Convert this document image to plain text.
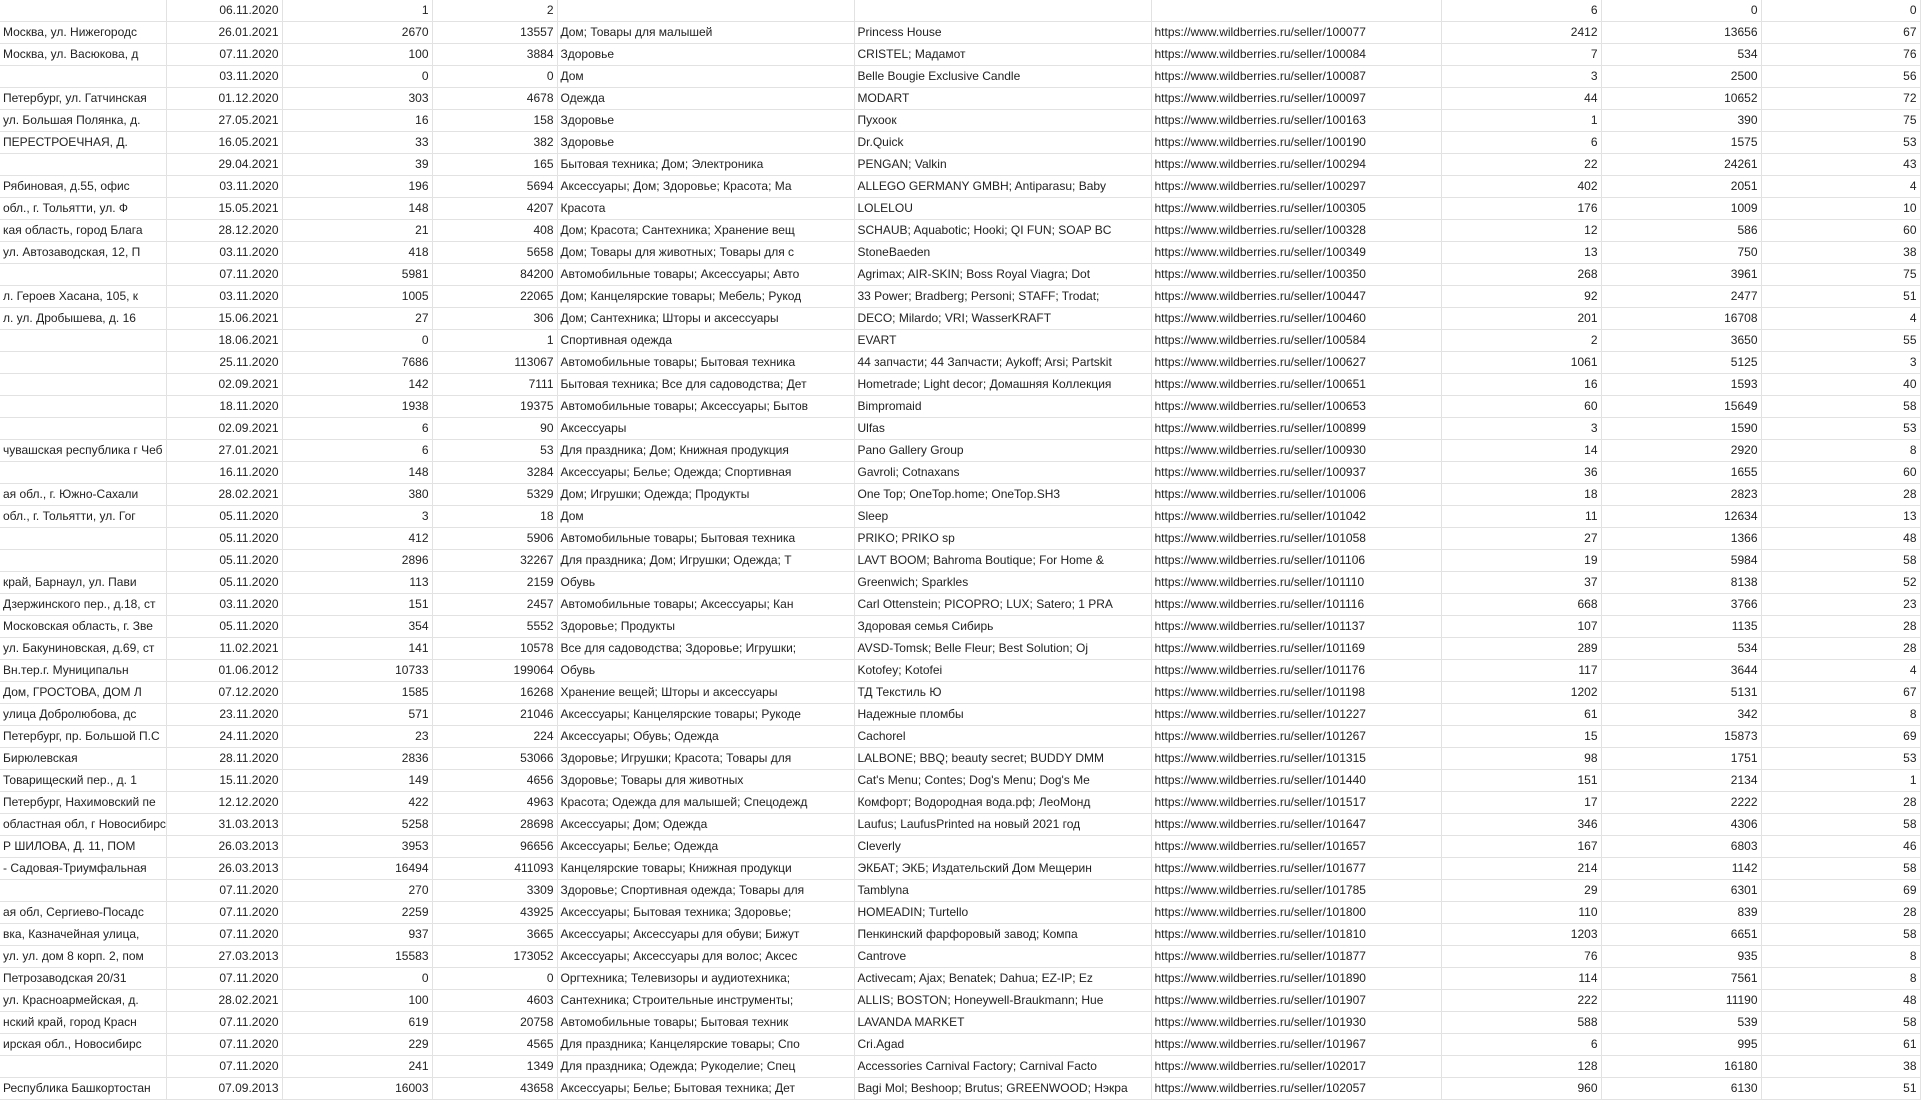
	06.11.2020	1	2				6	0	0
Москва, ул. Нижегородс	26.01.2021	2670	13557	Дом; Товары для малышей	Princess House	https://www.wildberries.ru/seller/100077	2412	13656	67
Москва, ул. Васюкова, д	07.11.2020	100	3884	Здоровье	CRISTEL; Мадамот	https://www.wildberries.ru/seller/100084	7	534	76
	03.11.2020	0	0	Дом	Belle Bougie Exclusive Candle	https://www.wildberries.ru/seller/100087	3	2500	56
Петербург, ул. Гатчинская	01.12.2020	303	4678	Одежда	MODART	https://www.wildberries.ru/seller/100097	44	10652	72
ул. Большая Полянка, д.	27.05.2021	16	158	Здоровье	Пухоок	https://www.wildberries.ru/seller/100163	1	390	75
ПЕРЕСТРОЕЧНАЯ, Д.	16.05.2021	33	382	Здоровье	Dr.Quick	https://www.wildberries.ru/seller/100190	6	1575	53
	29.04.2021	39	165	Бытовая техника; Дом; Электроника	PENGAN; Valkin	https://www.wildberries.ru/seller/100294	22	24261	43
Рябиновая, д.55, офис	03.11.2020	196	5694	Аксессуары; Дом; Здоровье; Красота; Ма	ALLEGO GERMANY GMBH; Antiparasu; Baby	https://www.wildberries.ru/seller/100297	402	2051	4
обл., г. Тольятти, ул. Ф	15.05.2021	148	4207	Красота	LOLELOU	https://www.wildberries.ru/seller/100305	176	1009	10
кая область, город Блага	28.12.2020	21	408	Дом; Красота; Сантехника; Хранение вещ	SCHAUB; Aquabotic; Hooki; QI FUN; SOAP BC	https://www.wildberries.ru/seller/100328	12	586	60
ул. Автозаводская, 12, П	03.11.2020	418	5658	Дом; Товары для животных; Товары для с	StoneBaeden	https://www.wildberries.ru/seller/100349	13	750	38
	07.11.2020	5981	84200	Автомобильные товары; Аксессуары; Авто	Agrimax; AIR-SKIN; Boss Royal Viagra; Dot	https://www.wildberries.ru/seller/100350	268	3961	75
л. Героев Хасана, 105, к	03.11.2020	1005	22065	Дом; Канцелярские товары; Мебель; Рукод	33 Power; Bradberg; Personi; STAFF; Trodat;	https://www.wildberries.ru/seller/100447	92	2477	51
л. ул. Дробышева, д. 16	15.06.2021	27	306	Дом; Сантехника; Шторы и аксессуары	DECO; Milardo; VRI; WasserKRAFT	https://www.wildberries.ru/seller/100460	201	16708	4
	18.06.2021	0	1	Спортивная одежда	EVART	https://www.wildberries.ru/seller/100584	2	3650	55
	25.11.2020	7686	113067	Автомобильные товары; Бытовая техника	44 запчасти; 44 Запчасти; Aykoff; Arsi; Partskit	https://www.wildberries.ru/seller/100627	1061	5125	3
	02.09.2021	142	7111	Бытовая техника; Все для садоводства; Дет	Hometrade; Light decor; Домашняя Коллекция	https://www.wildberries.ru/seller/100651	16	1593	40
	18.11.2020	1938	19375	Автомобильные товары; Аксессуары; Бытов	Bimpromaid	https://www.wildberries.ru/seller/100653	60	15649	58
	02.09.2021	6	90	Аксессуары	Ulfas	https://www.wildberries.ru/seller/100899	3	1590	53
чувашская республика г Чеб	27.01.2021	6	53	Для праздника; Дом; Книжная продукция	Pano Gallery Group	https://www.wildberries.ru/seller/100930	14	2920	8
	16.11.2020	148	3284	Аксессуары; Белье; Одежда; Спортивная	Gavroli; Cotnaxans	https://www.wildberries.ru/seller/100937	36	1655	60
ая обл., г. Южно-Сахали	28.02.2021	380	5329	Дом; Игрушки; Одежда; Продукты	One Top; OneTop.home; OneTop.SH3	https://www.wildberries.ru/seller/101006	18	2823	28
обл., г. Тольятти, ул. Гог	05.11.2020	3	18	Дом	Sleep	https://www.wildberries.ru/seller/101042	11	12634	13
	05.11.2020	412	5906	Автомобильные товары; Бытовая техника	PRIKO; PRIKO sp	https://www.wildberries.ru/seller/101058	27	1366	48
	05.11.2020	2896	32267	Для праздника; Дом; Игрушки; Одежда; Т	LAVT BOOM; Bahroma Boutique; For Home &	https://www.wildberries.ru/seller/101106	19	5984	58
край, Барнаул, ул. Пави	05.11.2020	113	2159	Обувь	Greenwich; Sparkles	https://www.wildberries.ru/seller/101110	37	8138	52
Дзержинского пер., д.18, ст	03.11.2020	151	2457	Автомобильные товары; Аксессуары; Кан	Carl Ottenstein; PICOPRO; LUX; Satero; 1 PRA	https://www.wildberries.ru/seller/101116	668	3766	23
Московская область, г. Зве	05.11.2020	354	5552	Здоровье; Продукты	Здоровая семья Сибирь	https://www.wildberries.ru/seller/101137	107	1135	28
ул. Бакуниновская, д.69, ст	11.02.2021	141	10578	Все для садоводства; Здоровье; Игрушки;	AVSD-Tomsk; Belle Fleur; Best Solution; Oj	https://www.wildberries.ru/seller/101169	289	534	28
Вн.тер.г. Муниципальн	01.06.2012	10733	199064	Обувь	Kotofey; Kotofei	https://www.wildberries.ru/seller/101176	117	3644	4
Дом, ГРОСТОВА, ДОМ Л	07.12.2020	1585	16268	Хранение вещей; Шторы и аксессуары	ТД Текстиль Ю	https://www.wildberries.ru/seller/101198	1202	5131	67
улица Добролюбова, дс	23.11.2020	571	21046	Аксессуары; Канцелярские товары; Рукоде	Надежные пломбы	https://www.wildberries.ru/seller/101227	61	342	8
Петербург, пр. Большой П.С	24.11.2020	23	224	Аксессуары; Обувь; Одежда	Cachorel	https://www.wildberries.ru/seller/101267	15	15873	69
Бирюлевская	28.11.2020	2836	53066	Здоровье; Игрушки; Красота; Товары для	LALBONE; BBQ; beauty secret; BUDDY DMM	https://www.wildberries.ru/seller/101315	98	1751	53
Товарищеский пер., д. 1	15.11.2020	149	4656	Здоровье; Товары для животных	Cat's Menu; Contes; Dog's Menu; Dog's Me	https://www.wildberries.ru/seller/101440	151	2134	1
Петербург, Нахимовский пе	12.12.2020	422	4963	Красота; Одежда для малышей; Спецодежд	Комфорт; Водородная вода.рф; ЛеоМонд	https://www.wildberries.ru/seller/101517	17	2222	28
областная обл, г Новосибирс	31.03.2013	5258	28698	Аксессуары; Дом; Одежда	Laufus; LaufusPrinted на новый 2021 год	https://www.wildberries.ru/seller/101647	346	4306	58
Р ШИЛОВА, Д. 11, ПОМ	26.03.2013	3953	96656	Аксессуары; Белье; Одежда	Cleverly	https://www.wildberries.ru/seller/101657	167	6803	46
- Садовая-Триумфальная	26.03.2013	16494	411093	Канцелярские товары; Книжная продукци	ЭКБАТ; ЭКБ; Издательский Дом Мещерин	https://www.wildberries.ru/seller/101677	214	1142	58
	07.11.2020	270	3309	Здоровье; Спортивная одежда; Товары для	Tamblyna	https://www.wildberries.ru/seller/101785	29	6301	69
ая обл, Сергиево-Посадс	07.11.2020	2259	43925	Аксессуары; Бытовая техника; Здоровье;	HOMEADIN; Turtello	https://www.wildberries.ru/seller/101800	110	839	28
вка, Казначейная улица,	07.11.2020	937	3665	Аксессуары; Аксессуары для обуви; Бижут	Пенкинский фарфоровый завод; Компа	https://www.wildberries.ru/seller/101810	1203	6651	58
ул. ул. дом 8 корп. 2, пом	27.03.2013	15583	173052	Аксессуары; Аксессуары для волос; Аксес	Cantrove	https://www.wildberries.ru/seller/101877	76	935	8
Петрозаводская 20/31	07.11.2020	0	0	Оргтехника; Телевизоры и аудиотехника;	Activecam; Ajax; Benatek; Dahua; EZ-IP; Ez	https://www.wildberries.ru/seller/101890	114	7561	8
ул. Красноармейская, д.	28.02.2021	100	4603	Сантехника; Строительные инструменты;	ALLIS; BOSTON; Honeywell-Braukmann; Hue	https://www.wildberries.ru/seller/101907	222	11190	48
нский край, город Красн	07.11.2020	619	20758	Автомобильные товары; Бытовая техник	LAVANDA MARKET	https://www.wildberries.ru/seller/101930	588	539	58
ирская обл., Новосибирс	07.11.2020	229	4565	Для праздника; Канцелярские товары; Спо	Cri.Agad	https://www.wildberries.ru/seller/101967	6	995	61
	07.11.2020	241	1349	Для праздника; Одежда; Рукоделие; Спец	Accessories Carnival Factory; Carnival Facto	https://www.wildberries.ru/seller/102017	128	16180	38
Республика Башкортостан	07.09.2013	16003	43658	Аксессуары; Белье; Бытовая техника; Дет	Bagi Mol; Beshoop; Brutus; GREENWOOD; Нэкра	https://www.wildberries.ru/seller/102057	960	6130	51
